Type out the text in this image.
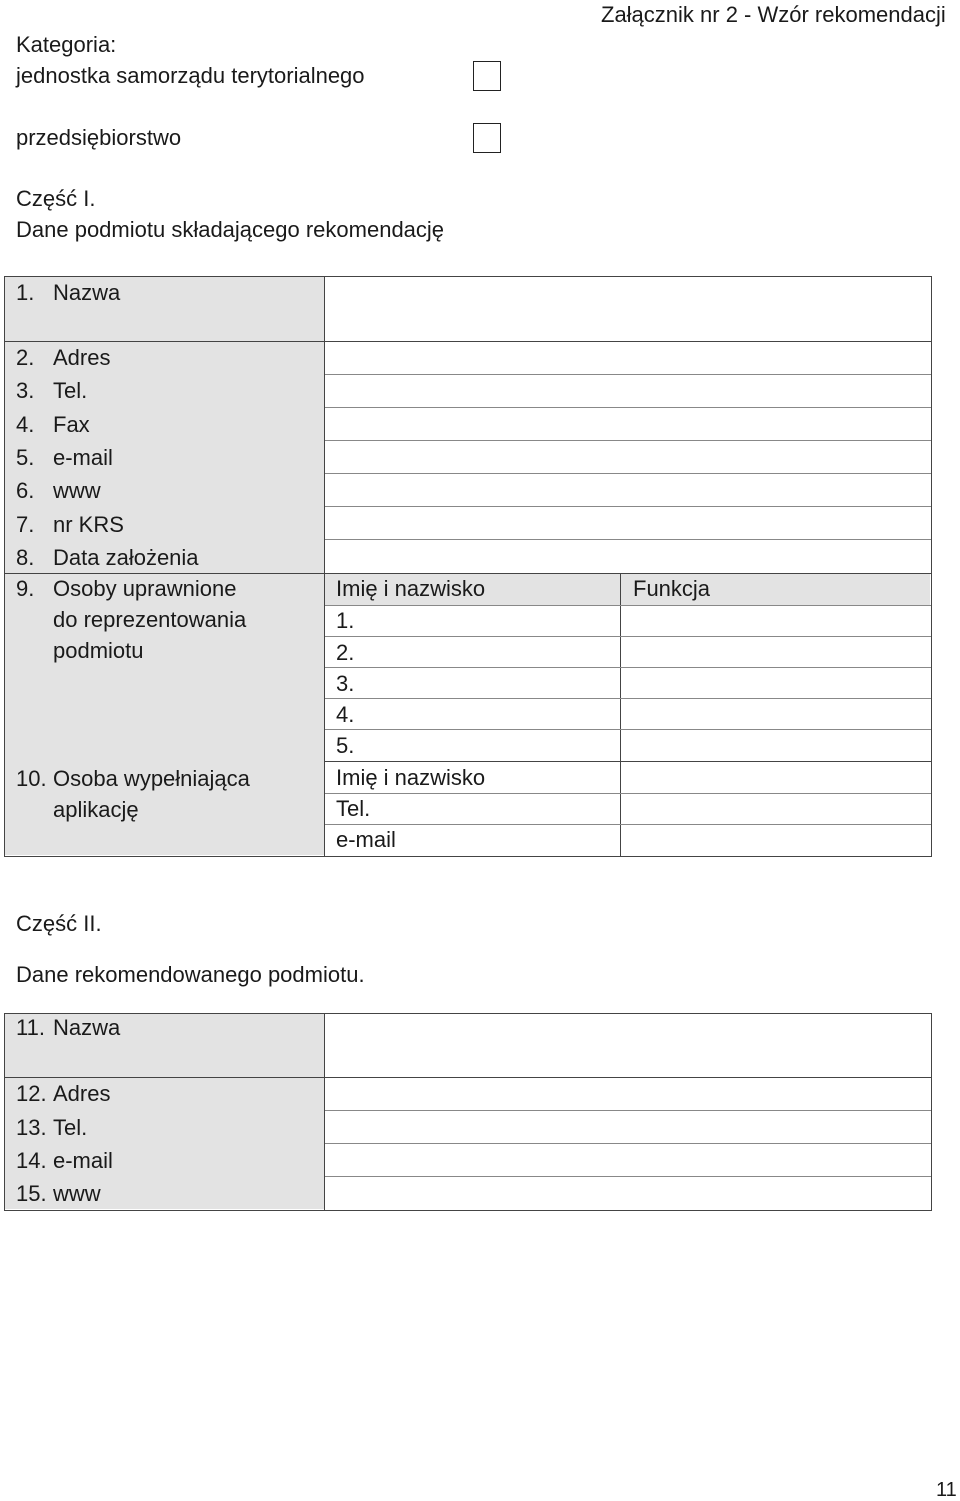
Załącznik nr 2 - Wzór rekomendacji
Kategoria:
jednostka samorządu terytorialnego
przedsiębiorstwo
Część I.
Dane podmiotu składającego rekomendację
1. Nazwa
2. Adres
3. Tel.
4. Fax
5. e-mail
6. www
7. nr KRS
8. Data założenia
9. Osoby uprawnione
do reprezentowania
podmiotu
Imię i nazwisko	Funkcja
1.
2.
3.
4.
5.
10. Osoba wypełniająca
aplikację
Imię i nazwisko
Tel.
e-mail
Część II.
Dane rekomendowanego podmiotu.
11. Nazwa
12. Adres
13. Tel.
14. e-mail
15. www
11
